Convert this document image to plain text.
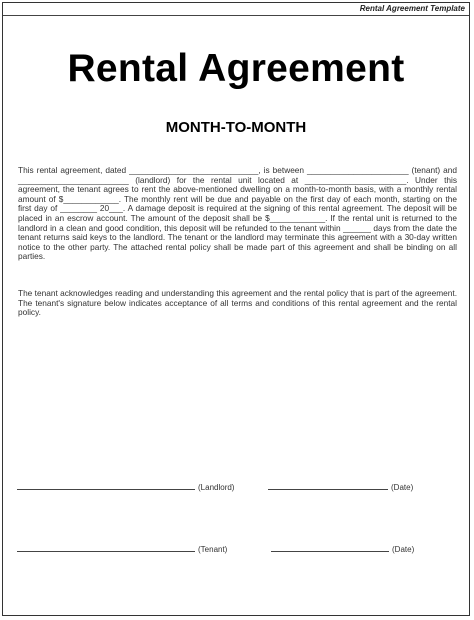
Rental Agreement Template
Rental Agreement
MONTH-TO-MONTH
This rental agreement, dated ____________________________, is between ______________________ (tenant) and ________________________ (landlord) for the rental unit located at ______________________. Under this agreement, the tenant agrees to rent the above-mentioned dwelling on a month-to-month basis, with a monthly rental amount of $____________. The monthly rent will be due and payable on the first day of each month, starting on the first day of ________ 20___. A damage deposit is required at the signing of this rental agreement. The deposit will be placed in an escrow account. The amount of the deposit shall be $____________. If the rental unit is returned to the landlord in a clean and good condition, this deposit will be refunded to the tenant within ______ days from the date the tenant returns said keys to the landlord. The tenant or the landlord may terminate this agreement with a 30-day written notice to the other party. The attached rental policy shall be made part of this agreement and shall be binding on all parties.
The tenant acknowledges reading and understanding this agreement and the rental policy that is part of the agreement. The tenant's signature below indicates acceptance of all terms and conditions of this rental agreement and the rental policy.
(Landlord)	(Date)
(Tenant)	(Date)
